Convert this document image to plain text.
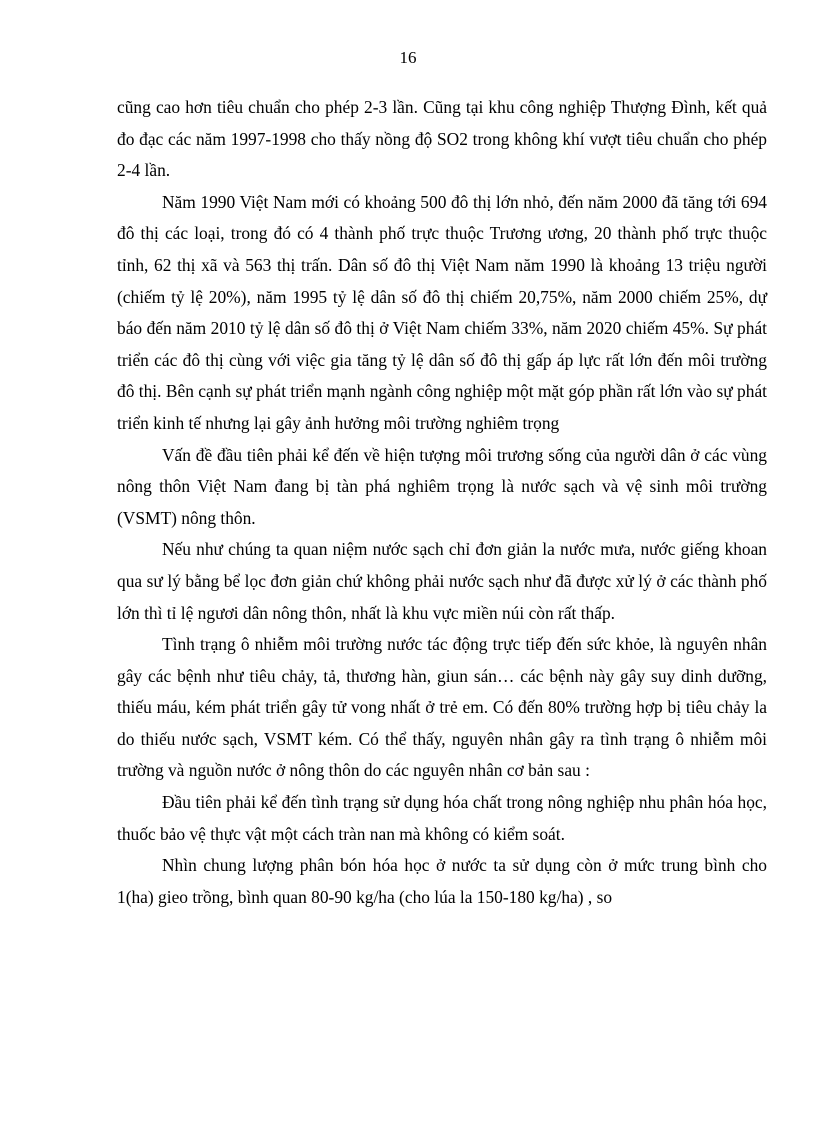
16

cũng cao hơn tiêu chuẩn cho phép 2-3 lần. Cũng tại khu công nghiệp Thượng Đình, kết quả đo đạc các năm 1997-1998 cho thấy nồng độ SO2 trong không khí vượt tiêu chuẩn cho phép 2-4 lần.

Năm 1990 Việt Nam mới có khoảng 500 đô thị lớn nhỏ, đến năm 2000 đã tăng tới 694 đô thị các loại, trong đó có 4 thành phố trực thuộc Trương ương, 20 thành phố trực thuộc tỉnh, 62 thị xã và 563 thị trấn. Dân số đô thị Việt Nam năm 1990 là khoảng 13 triệu người (chiếm tỷ lệ 20%), năm 1995 tỷ lệ dân số đô thị chiếm 20,75%, năm 2000 chiếm 25%, dự báo đến năm 2010 tỷ lệ dân số đô thị ở Việt Nam chiếm 33%, năm 2020 chiếm 45%. Sự phát triển các đô thị cùng với việc gia tăng tỷ lệ dân số đô thị gấp áp lực rất lớn đến môi trường đô thị. Bên cạnh sự phát triển mạnh ngành công nghiệp một mặt góp phần rất lớn vào sự phát triển kinh tế nhưng lại gây ảnh hưởng môi trường nghiêm trọng

Vấn đề đầu tiên phải kể đến về hiện tượng môi trương sống của người dân ở các vùng nông thôn Việt Nam đang bị tàn phá nghiêm trọng là nước sạch và vệ sinh môi trường (VSMT) nông thôn.

Nếu như chúng ta quan niệm nước sạch chỉ đơn giản la nước mưa, nước giếng khoan qua sư lý bằng bể lọc đơn giản chứ không phải nước sạch như đã được xử lý ở các thành phố lớn thì tỉ lệ ngươi dân nông thôn, nhất là khu vực miền núi còn rất thấp.

Tình trạng ô nhiễm môi trường nước tác động trực tiếp đến sức khỏe, là nguyên nhân gây các bệnh như tiêu chảy, tả, thương hàn, giun sán… các bệnh này gây suy dinh dưỡng, thiếu máu, kém phát triển gây tử vong nhất ở trẻ em. Có đến 80% trường hợp bị tiêu chảy la do thiếu nước sạch, VSMT kém. Có thể thấy, nguyên nhân gây ra tình trạng ô nhiễm môi trường và nguồn nước ở nông thôn do các nguyên nhân cơ bản sau :

Đầu tiên phải kể đến tình trạng sử dụng hóa chất trong nông nghiệp nhu phân hóa học, thuốc bảo vệ thực vật một cách tràn nan mà không có kiểm soát.

Nhìn chung lượng phân bón hóa học ở nước ta sử dụng còn ở mức trung bình cho 1(ha) gieo trồng, bình quan 80-90 kg/ha (cho lúa la 150-180 kg/ha) , so
